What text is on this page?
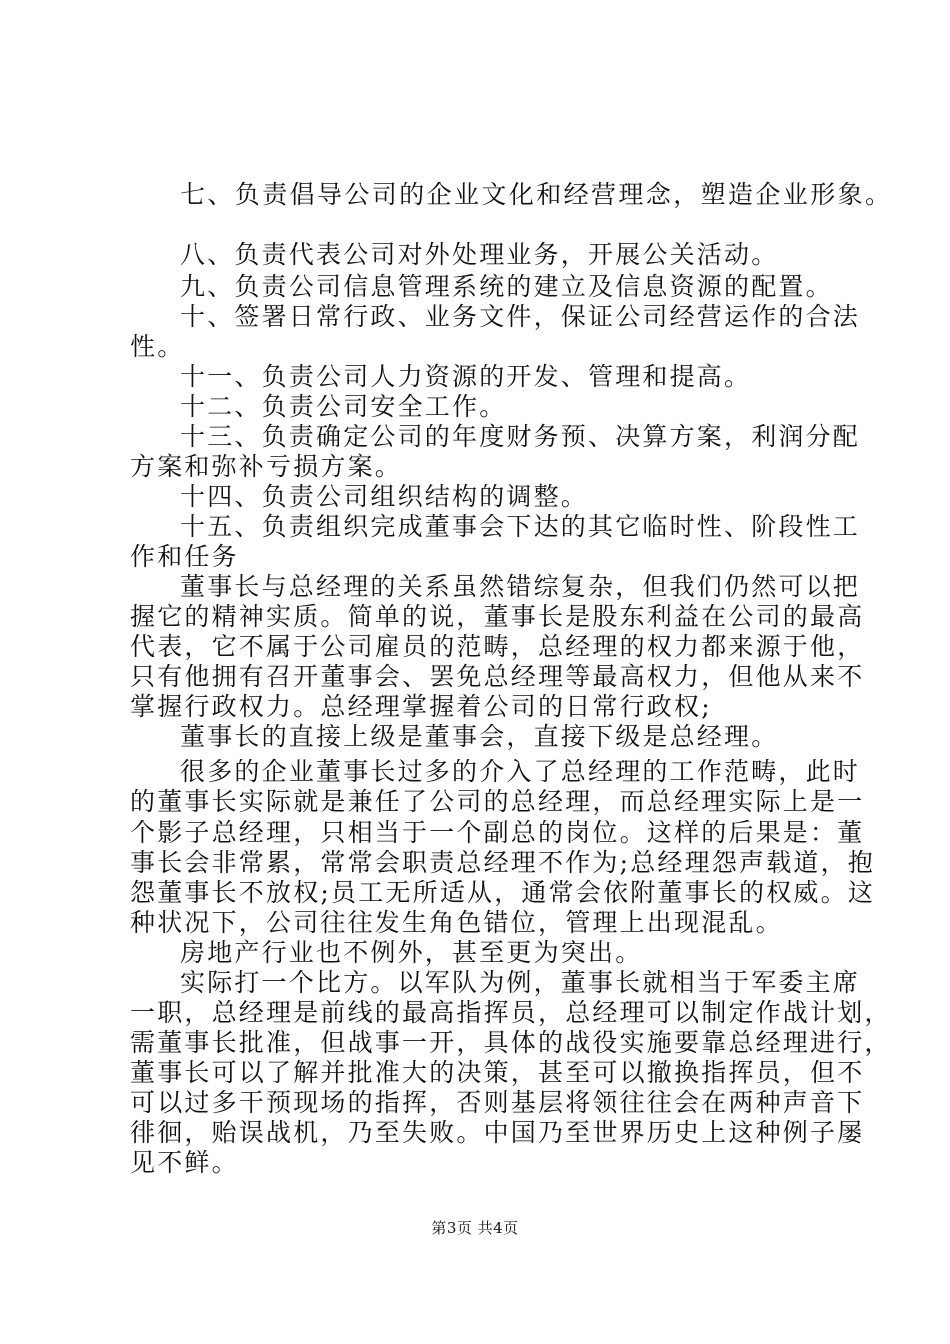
七、负责倡导公司的企业文化和经营理念，塑造企业形象。
八、负责代表公司对外处理业务，开展公关活动。
九、负责公司信息管理系统的建立及信息资源的配置。
十、签署日常行政、业务文件，保证公司经营运作的合法
性。
十一、负责公司人力资源的开发、管理和提高。
十二、负责公司安全工作。
十三、负责确定公司的年度财务预、决算方案，利润分配
方案和弥补亏损方案。
十四、负责公司组织结构的调整。
十五、负责组织完成董事会下达的其它临时性、阶段性工
作和任务
董事长与总经理的关系虽然错综复杂，但我们仍然可以把
握它的精神实质。简单的说，董事长是股东利益在公司的最高
代表，它不属于公司雇员的范畴，总经理的权力都来源于他，
只有他拥有召开董事会、罢免总经理等最高权力，但他从来不
掌握行政权力。总经理掌握着公司的日常行政权;
董事长的直接上级是董事会，直接下级是总经理。
很多的企业董事长过多的介入了总经理的工作范畴，此时
的董事长实际就是兼任了公司的总经理，而总经理实际上是一
个影子总经理，只相当于一个副总的岗位。这样的后果是：董
事长会非常累，常常会职责总经理不作为;总经理怨声载道，抱
怨董事长不放权;员工无所适从，通常会依附董事长的权威。这
种状况下，公司往往发生角色错位，管理上出现混乱。
房地产行业也不例外，甚至更为突出。
实际打一个比方。以军队为例，董事长就相当于军委主席
一职，总经理是前线的最高指挥员，总经理可以制定作战计划，
需董事长批准，但战事一开，具体的战役实施要靠总经理进行，
董事长可以了解并批准大的决策，甚至可以撤换指挥员，但不
可以过多干预现场的指挥，否则基层将领往往会在两种声音下
徘徊，贻误战机，乃至失败。中国乃至世界历史上这种例子屡
见不鲜。
第3页 共4页
